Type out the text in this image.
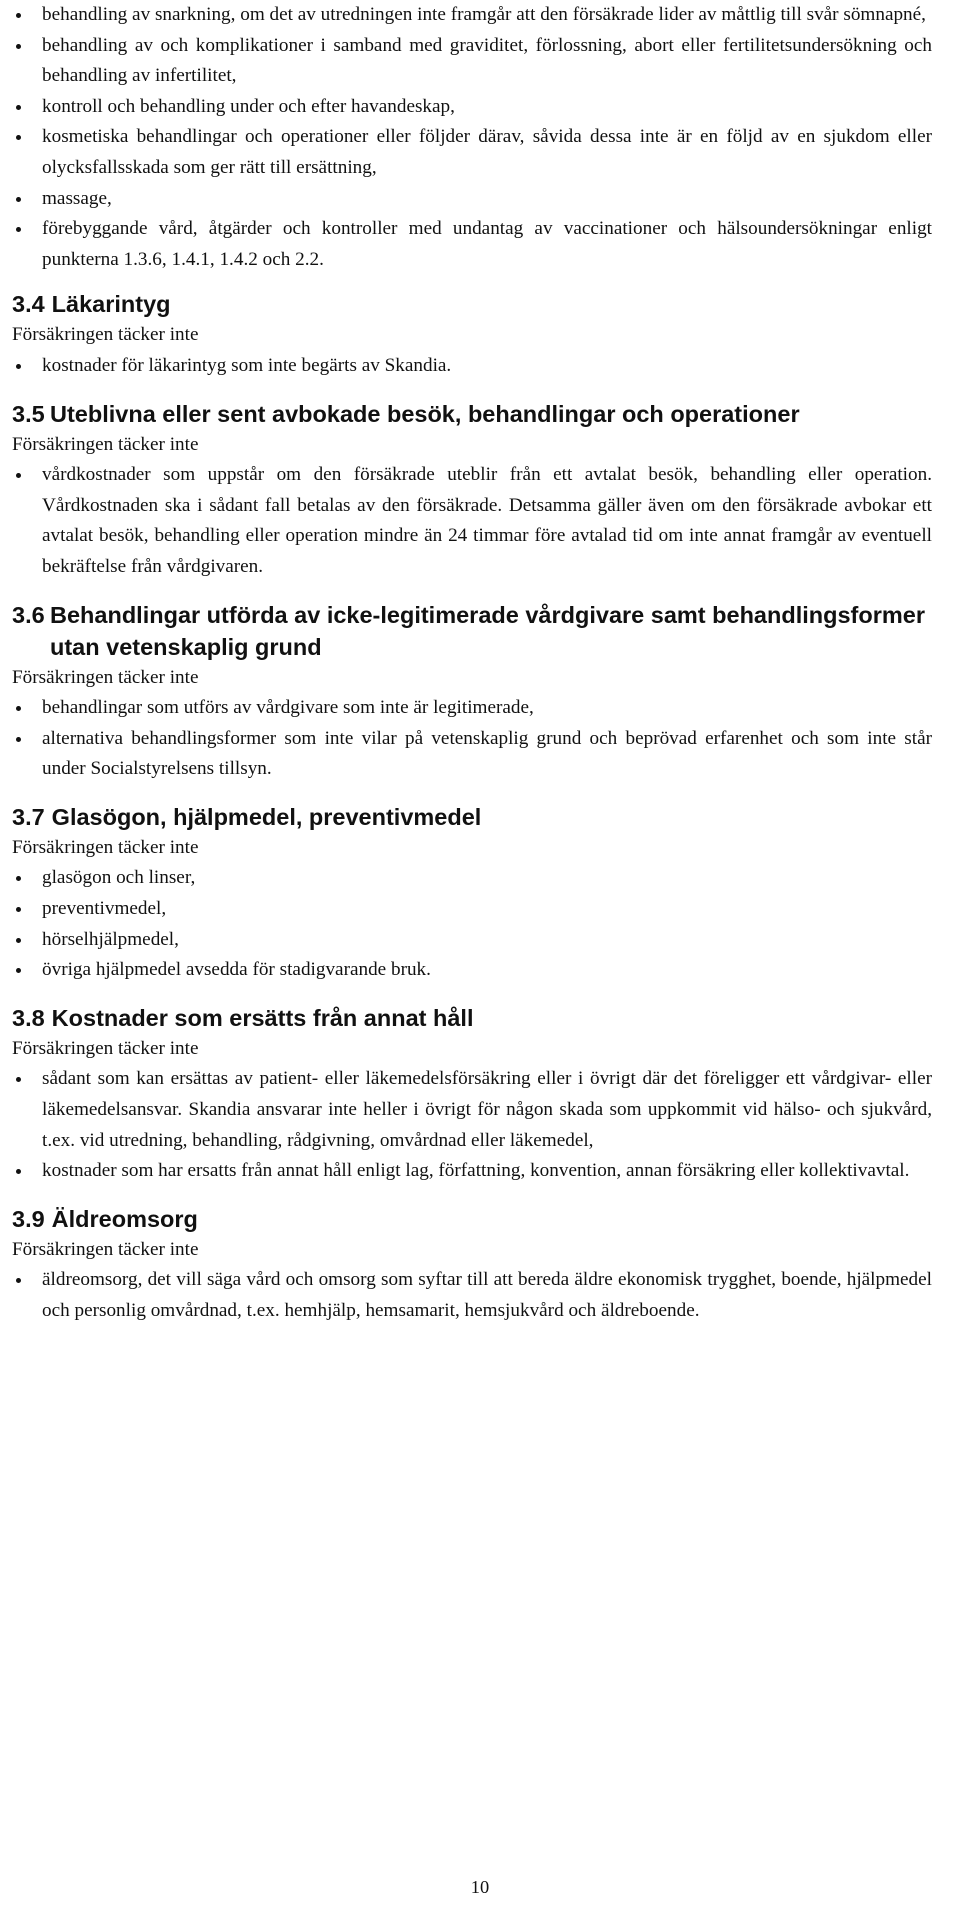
behandling av snarkning, om det av utredningen inte framgår att den försäkrade lider av måttlig till svår sömnapné,
behandling av och komplikationer i samband med graviditet, förlossning, abort eller fertilitetsundersökning och behandling av infertilitet,
kontroll och behandling under och efter havandeskap,
kosmetiska behandlingar och operationer eller följder därav, såvida dessa inte är en följd av en sjukdom eller olycksfallsskada som ger rätt till ersättning,
massage,
förebyggande vård, åtgärder och kontroller med undantag av vaccinationer och hälsoundersökningar enligt punkterna 1.3.6, 1.4.1, 1.4.2 och 2.2.
3.4 Läkarintyg

Försäkringen täcker inte

kostnader för läkarintyg som inte begärts av Skandia.
3.5 Uteblivna eller sent avbokade besök, behandlingar och operationer

Försäkringen täcker inte

vårdkostnader som uppstår om den försäkrade uteblir från ett avtalat besök, behandling eller operation. Vårdkostnaden ska i sådant fall betalas av den försäkrade. Detsamma gäller även om den försäkrade avbokar ett avtalat besök, behandling eller operation mindre än 24 timmar före avtalad tid om inte annat framgår av eventuell bekräftelse från vårdgivaren.
3.6 Behandlingar utförda av icke-legitimerade vårdgivare samt behandlingsformer utan vetenskaplig grund

Försäkringen täcker inte

behandlingar som utförs av vårdgivare som inte är legitimerade,
alternativa behandlingsformer som inte vilar på vetenskaplig grund och beprövad erfarenhet och som inte står under Socialstyrelsens tillsyn.
3.7 Glasögon, hjälpmedel, preventivmedel

Försäkringen täcker inte

glasögon och linser,
preventivmedel,
hörselhjälpmedel,
övriga hjälpmedel avsedda för stadigvarande bruk.
3.8 Kostnader som ersätts från annat håll

Försäkringen täcker inte

sådant som kan ersättas av patient- eller läkemedelsförsäkring eller i övrigt där det föreligger ett vårdgivar- eller läkemedelsansvar. Skandia ansvarar inte heller i övrigt för någon skada som uppkommit vid hälso- och sjukvård, t.ex. vid utredning, behandling, rådgivning, omvårdnad eller läkemedel,
kostnader som har ersatts från annat håll enligt lag, författning, konvention, annan försäkring eller kollektivavtal.
3.9 Äldreomsorg

Försäkringen täcker inte

äldreomsorg, det vill säga vård och omsorg som syftar till att bereda äldre ekonomisk trygghet, boende, hjälpmedel och personlig omvårdnad, t.ex. hemhjälp, hemsamarit, hemsjukvård och äldreboende.
10
